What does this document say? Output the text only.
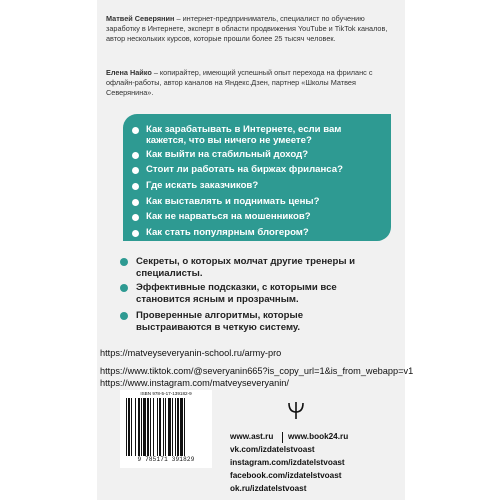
Матвей Северянин – интернет-предприниматель, специалист по обучению заработку в Интернете, эксперт в области продвижения YouTube и TikTok каналов, автор нескольких курсов, которые прошли более 25 тысяч человек.
Елена Найко – копирайтер, имеющий успешный опыт перехода на фриланс с офлайн-работы, автор каналов на Яндекс.Дзен, партнер «Школы Матвея Северянина».
Как зарабатывать в Интернете, если вам кажется, что вы ничего не умеете?
Как выйти на стабильный доход?
Стоит ли работать на биржах фриланса?
Где искать заказчиков?
Как выставлять и поднимать цены?
Как не нарваться на мошенников?
Как стать популярным блогером?
Секреты, о которых молчат другие тренеры и специалисты.
Эффективные подсказки, с которыми все становится ясным и прозрачным.
Проверенные алгоритмы, которые выстраиваются в четкую систему.
https://matveyseveryanin-school.ru/army-pro
https://www.tiktok.com/@severyanin665?is_copy_url=1&is_from_webapp=v1
https://www.instagram.com/matveyseveryanin/
ISBN 978-5-17-139182-9
9 785171 391829
www.ast.ru www.book24.ru
vk.com/izdatelstvoast
instagram.com/izdatelstvoast
facebook.com/izdatelstvoast
ok.ru/izdatelstvoast
